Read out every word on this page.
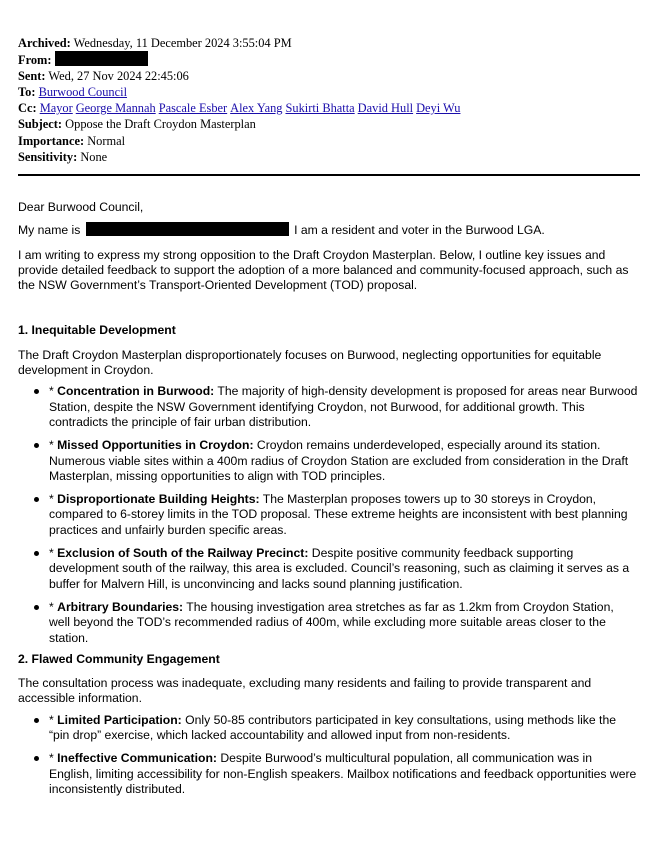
Archived: Wednesday, 11 December 2024 3:55:04 PM
From:
Sent: Wed, 27 Nov 2024 22:45:06
To: Burwood Council
Cc: Mayor George Mannah Pascale Esber Alex Yang Sukirti Bhatta David Hull Deyi Wu
Subject: Oppose the Draft Croydon Masterplan
Importance: Normal
Sensitivity: None

Dear Burwood Council,

My name is	I am a resident and voter in the Burwood LGA.

I am writing to express my strong opposition to the Draft Croydon Masterplan. Below, I outline key issues and provide detailed feedback to support the adoption of a more balanced and community-focused approach, such as the NSW Government’s Transport-Oriented Development (TOD) proposal.

1. Inequitable Development

The Draft Croydon Masterplan disproportionately focuses on Burwood, neglecting opportunities for equitable development in Croydon.

* Concentration in Burwood: The majority of high-density development is proposed for areas near Burwood Station, despite the NSW Government identifying Croydon, not Burwood, for additional growth. This contradicts the principle of fair urban distribution.
* Missed Opportunities in Croydon: Croydon remains underdeveloped, especially around its station. Numerous viable sites within a 400m radius of Croydon Station are excluded from consideration in the Draft Masterplan, missing opportunities to align with TOD principles.
* Disproportionate Building Heights: The Masterplan proposes towers up to 30 storeys in Croydon, compared to 6-storey limits in the TOD proposal. These extreme heights are inconsistent with best planning practices and unfairly burden specific areas.
* Exclusion of South of the Railway Precinct: Despite positive community feedback supporting development south of the railway, this area is excluded. Council’s reasoning, such as claiming it serves as a buffer for Malvern Hill, is unconvincing and lacks sound planning justification.
* Arbitrary Boundaries: The housing investigation area stretches as far as 1.2km from Croydon Station, well beyond the TOD’s recommended radius of 400m, while excluding more suitable areas closer to the station.
2. Flawed Community Engagement

The consultation process was inadequate, excluding many residents and failing to provide transparent and accessible information.

* Limited Participation: Only 50-85 contributors participated in key consultations, using methods like the “pin drop” exercise, which lacked accountability and allowed input from non-residents.
* Ineffective Communication: Despite Burwood’s multicultural population, all communication was in English, limiting accessibility for non-English speakers. Mailbox notifications and feedback opportunities were inconsistently distributed.
